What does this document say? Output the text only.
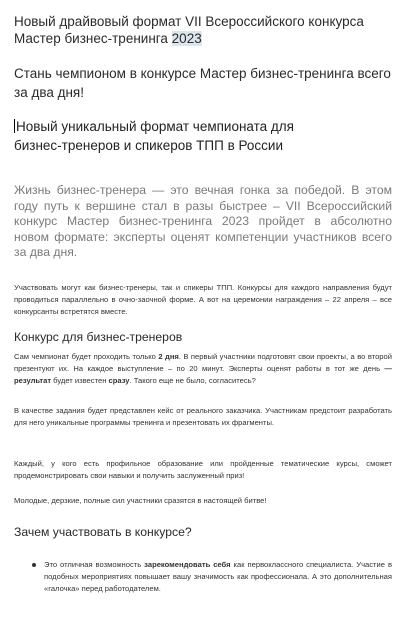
Новый драйвовый формат VII Всероссийского конкурса
Мастер бизнес-тренинга 2023

Стань чемпионом в конкурсе Мастер бизнес-тренинга всего
за два дня!

Новый уникальный формат чемпионата для
бизнес-тренеров и спикеров ТПП в России

Жизнь бизнес-тренера — это вечная гонка за победой. В этом году путь к вершине стал в разы быстрее – VII Всероссийский конкурс Мастер бизнес-тренинга 2023 пройдет в абсолютно новом формате: эксперты оценят компетенции участников всего за два дня.

Участвовать могут как бизнес-тренеры, так и спикеры ТПП. Конкурсы для каждого направления будут проводиться параллельно в очно-заочной форме. А вот на церемонии награждения – 22 апреля – все конкурсанты встретятся вместе.

Конкурс для бизнес-тренеров

Сам чемпионат будет проходить только 2 дня. В первый участники подготовят свои проекты, а во второй презентуют их. На каждое выступление – по 20 минут. Эксперты оценят работы в тот же день — результат будет известен сразу. Такого еще не было, согласитесь?

В качестве задания будет представлен кейс от реального заказчика. Участникам предстоит разработать для него уникальные программы тренинга и презентовать их фрагменты.

Каждый, у кого есть профильное образование или пройденные тематические курсы, сможет продемонстрировать свои навыки и получить заслуженный приз!

Молодые, дерзкие, полные сил участники сразятся в настоящей битве!

Зачем участвовать в конкурсе?
Это отличная возможность зарекомендовать себя как первоклассного специалиста. Участие в подобных мероприятиях повышает вашу значимость как профессионала. А это дополнительная «галочка» перед работодателем.
